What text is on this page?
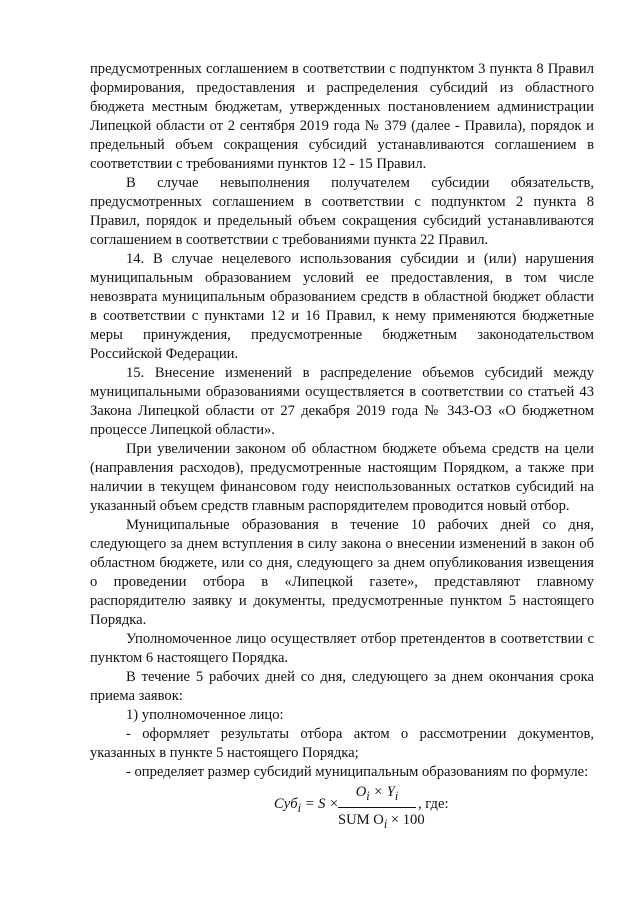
предусмотренных соглашением в соответствии с подпунктом 3 пункта 8 Правил формирования, предоставления и распределения субсидий из областного бюджета местным бюджетам, утвержденных постановлением администрации Липецкой области от 2 сентября 2019 года № 379 (далее - Правила), порядок и предельный объем сокращения субсидий устанавливаются соглашением в соответствии с требованиями пунктов 12 - 15 Правил.

В случае невыполнения получателем субсидии обязательств, предусмотренных соглашением в соответствии с подпунктом 2 пункта 8 Правил, порядок и предельный объем сокращения субсидий устанавливаются соглашением в соответствии с требованиями пункта 22 Правил.

14. В случае нецелевого использования субсидии и (или) нарушения муниципальным образованием условий ее предоставления, в том числе невозврата муниципальным образованием средств в областной бюджет области в соответствии с пунктами 12 и 16 Правил, к нему применяются бюджетные меры принуждения, предусмотренные бюджетным законодательством Российской Федерации.

15. Внесение изменений в распределение объемов субсидий между муниципальными образованиями осуществляется в соответствии со статьей 43 Закона Липецкой области от 27 декабря 2019 года № 343-ОЗ «О бюджетном процессе Липецкой области».

При увеличении законом об областном бюджете объема средств на цели (направления расходов), предусмотренные настоящим Порядком, а также при наличии в текущем финансовом году неиспользованных остатков субсидий на указанный объем средств главным распорядителем проводится новый отбор.

Муниципальные образования в течение 10 рабочих дней со дня, следующего за днем вступления в силу закона о внесении изменений в закон об областном бюджете, или со дня, следующего за днем опубликования извещения о проведении отбора в «Липецкой газете», представляют главному распорядителю заявку и документы, предусмотренные пунктом 5 настоящего Порядка.

Уполномоченное лицо осуществляет отбор претендентов в соответствии с пунктом 6 настоящего Порядка.

В течение 5 рабочих дней со дня, следующего за днем окончания срока приема заявок:

1) уполномоченное лицо:

- оформляет результаты отбора актом о рассмотрении документов, указанных в пункте 5 настоящего Порядка;

- определяет размер субсидий муниципальным образованиям по формуле:

Суб$_i$ = S ×
$O_i \times Y_i$
SUM $O_i \times 100$
, где:
